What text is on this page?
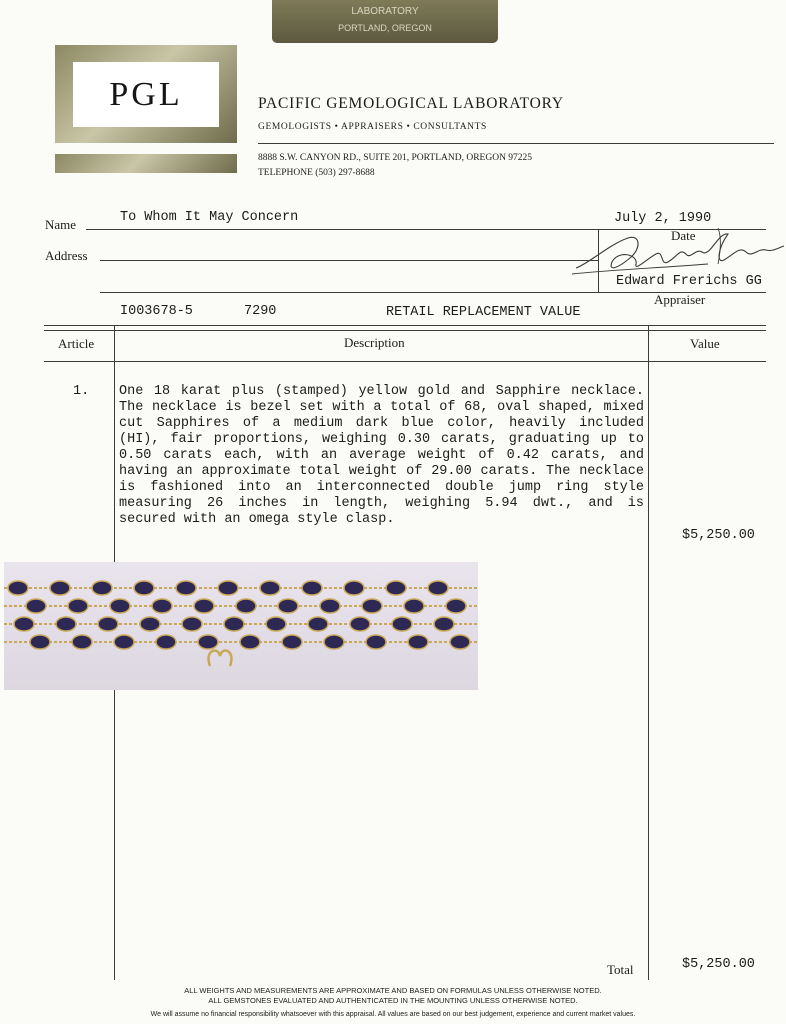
LABORATORY
PORTLAND, OREGON
PGL	PACIFIC GEMOLOGICAL LABORATORY
GEMOLOGISTS • APPRAISERS • CONSULTANTS
8888 S.W. CANYON RD., SUITE 201, PORTLAND, OREGON 97225
TELEPHONE (503) 297-8688
Name	To Whom It May Concern	July 2, 1990
Date
Address
Edward Frerichs GG
Appraiser
I003678-5	7290	RETAIL REPLACEMENT VALUE
Article	Description	Value
1. One 18 karat plus (stamped) yellow gold and Sapphire necklace. The necklace is bezel set with a total of 68, oval shaped, mixed cut Sapphires of a medium dark blue color, heavily included (HI), fair proportions, weighing 0.30 carats, graduating up to 0.50 carats each, with an average weight of 0.42 carats, and having an approximate total weight of 29.00 carats. The necklace is fashioned into an interconnected double jump ring style measuring 26 inches in length, weighing 5.94 dwt., and is secured with an omega style clasp.

$5,250.00
Total	$5,250.00
ALL WEIGHTS AND MEASUREMENTS ARE APPROXIMATE AND BASED ON FORMULAS UNLESS OTHERWISE NOTED.
ALL GEMSTONES EVALUATED AND AUTHENTICATED IN THE MOUNTING UNLESS OTHERWISE NOTED.
We will assume no financial responsibility whatsoever with this appraisal. All values are based on our best judgement, experience and current market values.
